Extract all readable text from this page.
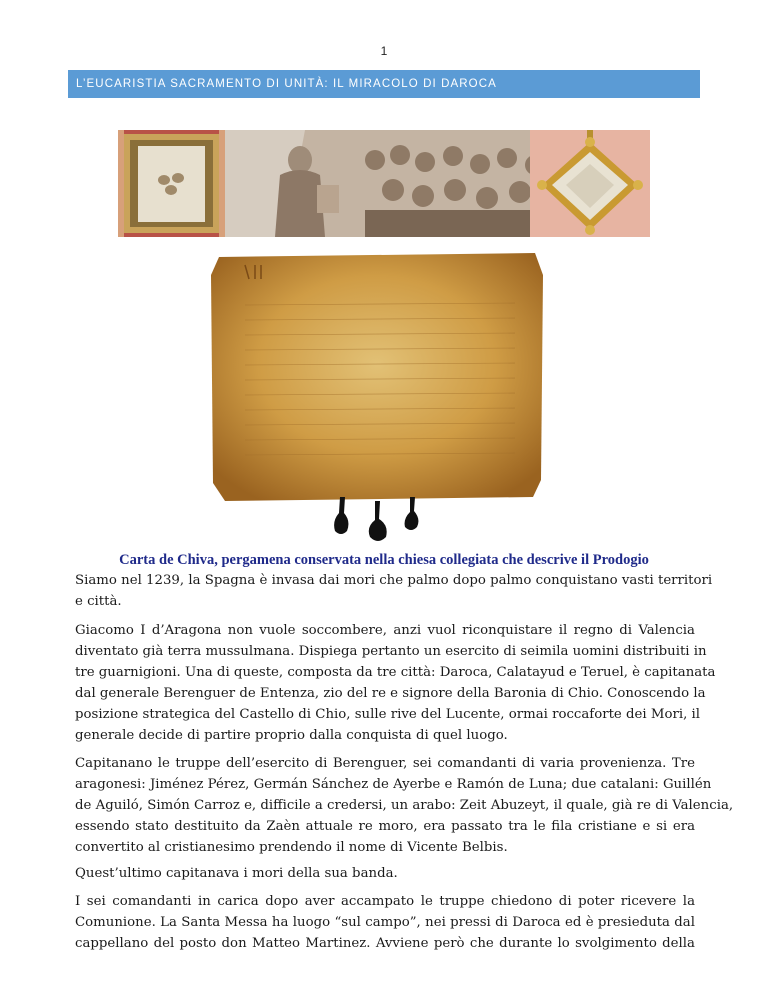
1
L’EUCARISTIA SACRAMENTO DI UNITÀ: IL MIRACOLO DI DAROCA
Carta de Chiva, pergamena conservata nella chiesa collegiata che descrive il Prodogio
Siamo nel 1239, la Spagna è invasa dai mori che palmo dopo palmo conquistano vasti territori
e città.
Giacomo I d’Aragona non vuole soccombere, anzi vuol riconquistare il regno di Valencia
diventato già terra mussulmana. Dispiega pertanto un esercito di seimila uomini distribuiti in
tre guarnigioni. Una di queste, composta da tre città: Daroca, Calatayud e Teruel, è capitanata
dal generale Berenguer de Entenza, zio del re e signore della Baronia di Chio. Conoscendo la
posizione strategica del Castello di Chio, sulle rive del Lucente, ormai roccaforte dei Mori, il
generale decide di partire proprio dalla conquista di quel luogo.
Capitanano le truppe dell’esercito di Berenguer, sei comandanti di varia provenienza. Tre
aragonesi: Jiménez Pérez, Germán Sánchez de Ayerbe e Ramón de Luna; due catalani: Guillén
de Aguiló, Simón Carroz e, difficile a credersi, un arabo: Zeit Abuzeyt, il quale, già re di Valencia,
essendo stato destituito da Zaèn attuale re moro, era passato tra le fila cristiane e si era
convertito al cristianesimo prendendo il nome di Vicente Belbis.
Quest’ultimo capitanava i mori della sua banda.
I sei comandanti in carica dopo aver accampato le truppe chiedono di poter ricevere la
Comunione. La Santa Messa ha luogo “sul campo”, nei pressi di Daroca ed è presieduta dal
cappellano del posto don Matteo Martinez. Avviene però che durante lo svolgimento della
